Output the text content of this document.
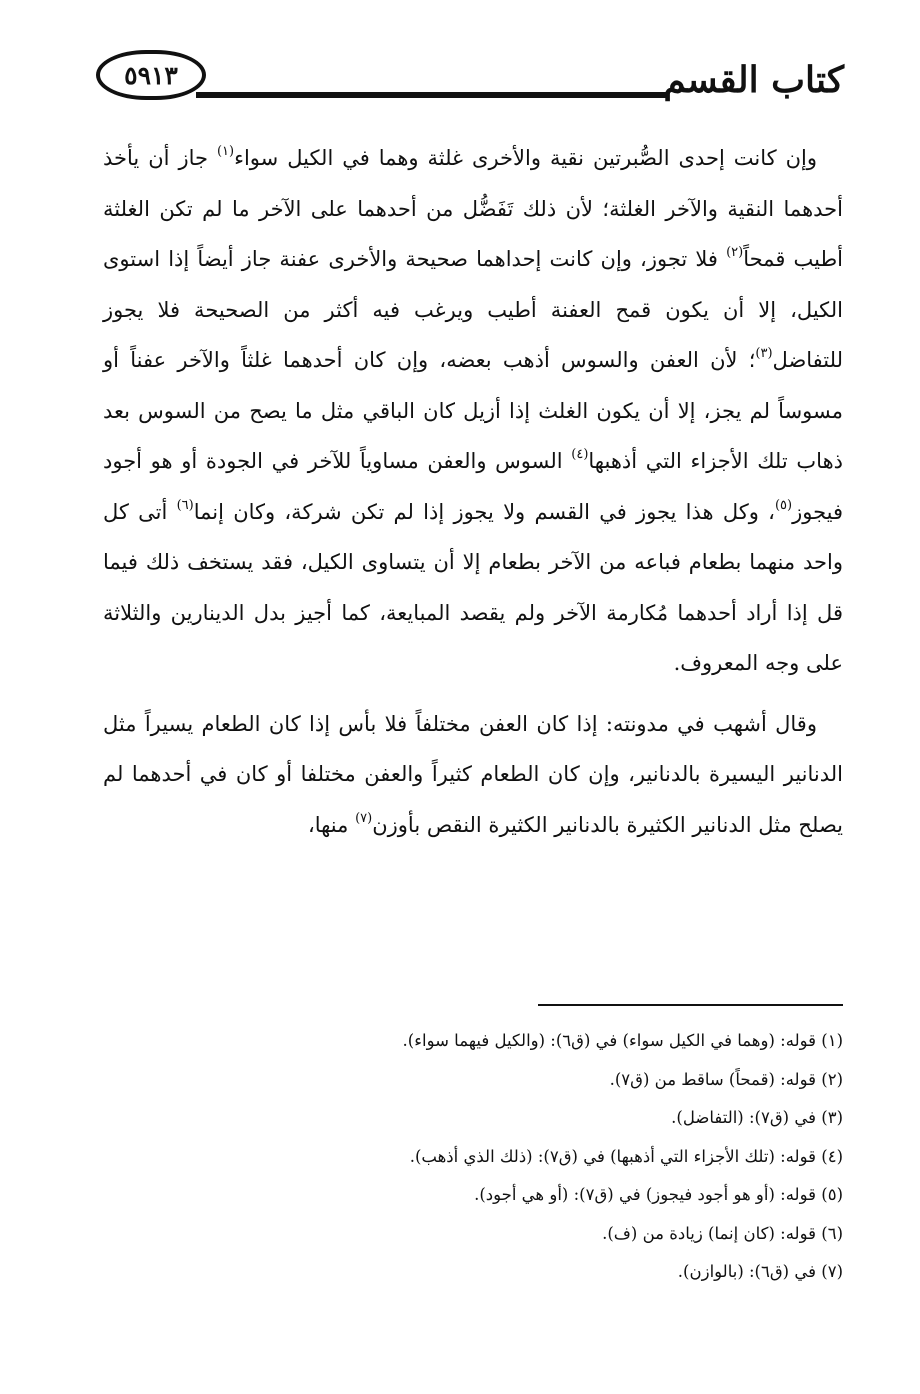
كتاب القسم
٥٩١٣

وإن كانت إحدى الصُّبرتين نقية والأخرى غلثة وهما في الكيل سواء$^{(١)}$ جاز أن يأخذ أحدهما النقية والآخر الغلثة؛ لأن ذلك تَفَضُّل من أحدهما على الآخر ما لم تكن الغلثة أطيب قمحاً$^{(٢)}$ فلا تجوز، وإن كانت إحداهما صحيحة والأخرى عفنة جاز أيضاً إذا استوى الكيل، إلا أن يكون قمح العفنة أطيب ويرغب فيه أكثر من الصحيحة فلا يجوز للتفاضل$^{(٣)}$؛ لأن العفن والسوس أذهب بعضه، وإن كان أحدهما غلثاً والآخر عفناً أو مسوساً لم يجز، إلا أن يكون الغلث إذا أزيل كان الباقي مثل ما يصح من السوس بعد ذهاب تلك الأجزاء التي أذهبها$^{(٤)}$ السوس والعفن مساوياً للآخر في الجودة أو هو أجود فيجوز$^{(٥)}$، وكل هذا يجوز في القسم ولا يجوز إذا لم تكن شركة، وكان إنما$^{(٦)}$ أتى كل واحد منهما بطعام فباعه من الآخر بطعام إلا أن يتساوى الكيل، فقد يستخف ذلك فيما قل إذا أراد أحدهما مُكارمة الآخر ولم يقصد المبايعة، كما أجيز بدل الدينارين والثلاثة على وجه المعروف.

وقال أشهب في مدونته: إذا كان العفن مختلفاً فلا بأس إذا كان الطعام يسيراً مثل الدنانير اليسيرة بالدنانير، وإن كان الطعام كثيراً والعفن مختلفا أو كان في أحدهما لم يصلح مثل الدنانير الكثيرة بالدنانير الكثيرة النقص بأوزن$^{(٧)}$ منها،

(١) قوله: (وهما في الكيل سواء) في (ق٦): (والكيل فيهما سواء).

(٢) قوله: (قمحاً) ساقط من (ق٧).

(٣) في (ق٧): (التفاضل).

(٤) قوله: (تلك الأجزاء التي أذهبها) في (ق٧): (ذلك الذي أذهب).

(٥) قوله: (أو هو أجود فيجوز) في (ق٧): (أو هي أجود).

(٦) قوله: (كان إنما) زيادة من (ف).

(٧) في (ق٦): (بالوازن).
